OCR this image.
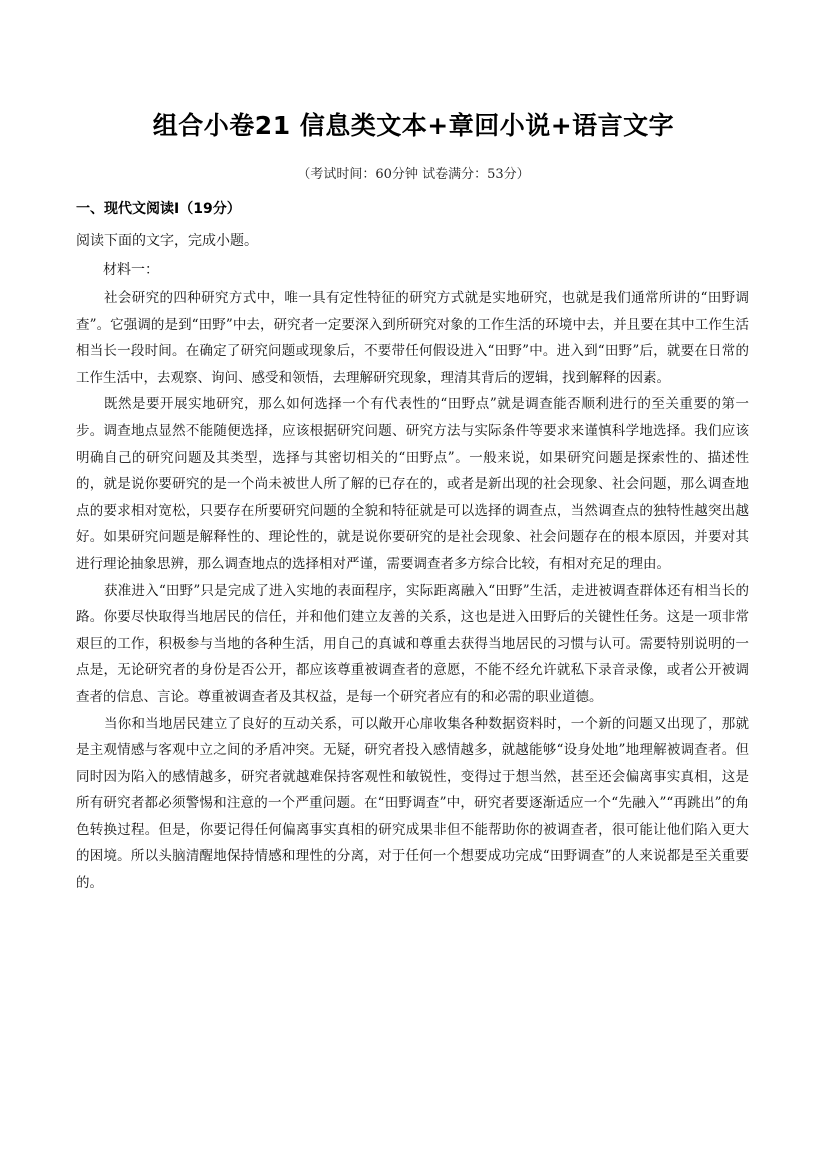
组合小卷21 信息类文本+章回小说+语言文字
（考试时间：60分钟 试卷满分：53分）
一、现代文阅读Ⅰ（19分）
阅读下面的文字，完成小题。
材料一：

社会研究的四种研究方式中，唯一具有定性特征的研究方式就是实地研究，也就是我们通常所讲的“田野调查”。它强调的是到“田野”中去，研究者一定要深入到所研究对象的工作生活的环境中去，并且要在其中工作生活相当长一段时间。在确定了研究问题或现象后，不要带任何假设进入“田野”中。进入到“田野”后，就要在日常的工作生活中，去观察、询问、感受和领悟，去理解研究现象，理清其背后的逻辑，找到解释的因素。

既然是要开展实地研究，那么如何选择一个有代表性的“田野点”就是调查能否顺利进行的至关重要的第一步。调查地点显然不能随便选择，应该根据研究问题、研究方法与实际条件等要求来谨慎科学地选择。我们应该明确自己的研究问题及其类型，选择与其密切相关的“田野点”。一般来说，如果研究问题是探索性的、描述性的，就是说你要研究的是一个尚未被世人所了解的已存在的，或者是新出现的社会现象、社会问题，那么调查地点的要求相对宽松，只要存在所要研究问题的全貌和特征就是可以选择的调查点，当然调查点的独特性越突出越好。如果研究问题是解释性的、理论性的，就是说你要研究的是社会现象、社会问题存在的根本原因，并要对其进行理论抽象思辨，那么调查地点的选择相对严谨，需要调查者多方综合比较，有相对充足的理由。

获准进入“田野”只是完成了进入实地的表面程序，实际距离融入“田野”生活，走进被调查群体还有相当长的路。你要尽快取得当地居民的信任，并和他们建立友善的关系，这也是进入田野后的关键性任务。这是一项非常艰巨的工作，积极参与当地的各种生活，用自己的真诚和尊重去获得当地居民的习惯与认可。需要特别说明的一点是，无论研究者的身份是否公开，都应该尊重被调查者的意愿，不能不经允许就私下录音录像，或者公开被调查者的信息、言论。尊重被调查者及其权益，是每一个研究者应有的和必需的职业道德。

当你和当地居民建立了良好的互动关系，可以敞开心扉收集各种数据资料时，一个新的问题又出现了，那就是主观情感与客观中立之间的矛盾冲突。无疑，研究者投入感情越多，就越能够“设身处地”地理解被调查者。但同时因为陷入的感情越多，研究者就越难保持客观性和敏锐性，变得过于想当然，甚至还会偏离事实真相，这是所有研究者都必须警惕和注意的一个严重问题。在“田野调查”中，研究者要逐渐适应一个“先融入”“再跳出”的角色转换过程。但是，你要记得任何偏离事实真相的研究成果非但不能帮助你的被调查者，很可能让他们陷入更大的困境。所以头脑清醒地保持情感和理性的分离，对于任何一个想要成功完成“田野调查”的人来说都是至关重要的。
